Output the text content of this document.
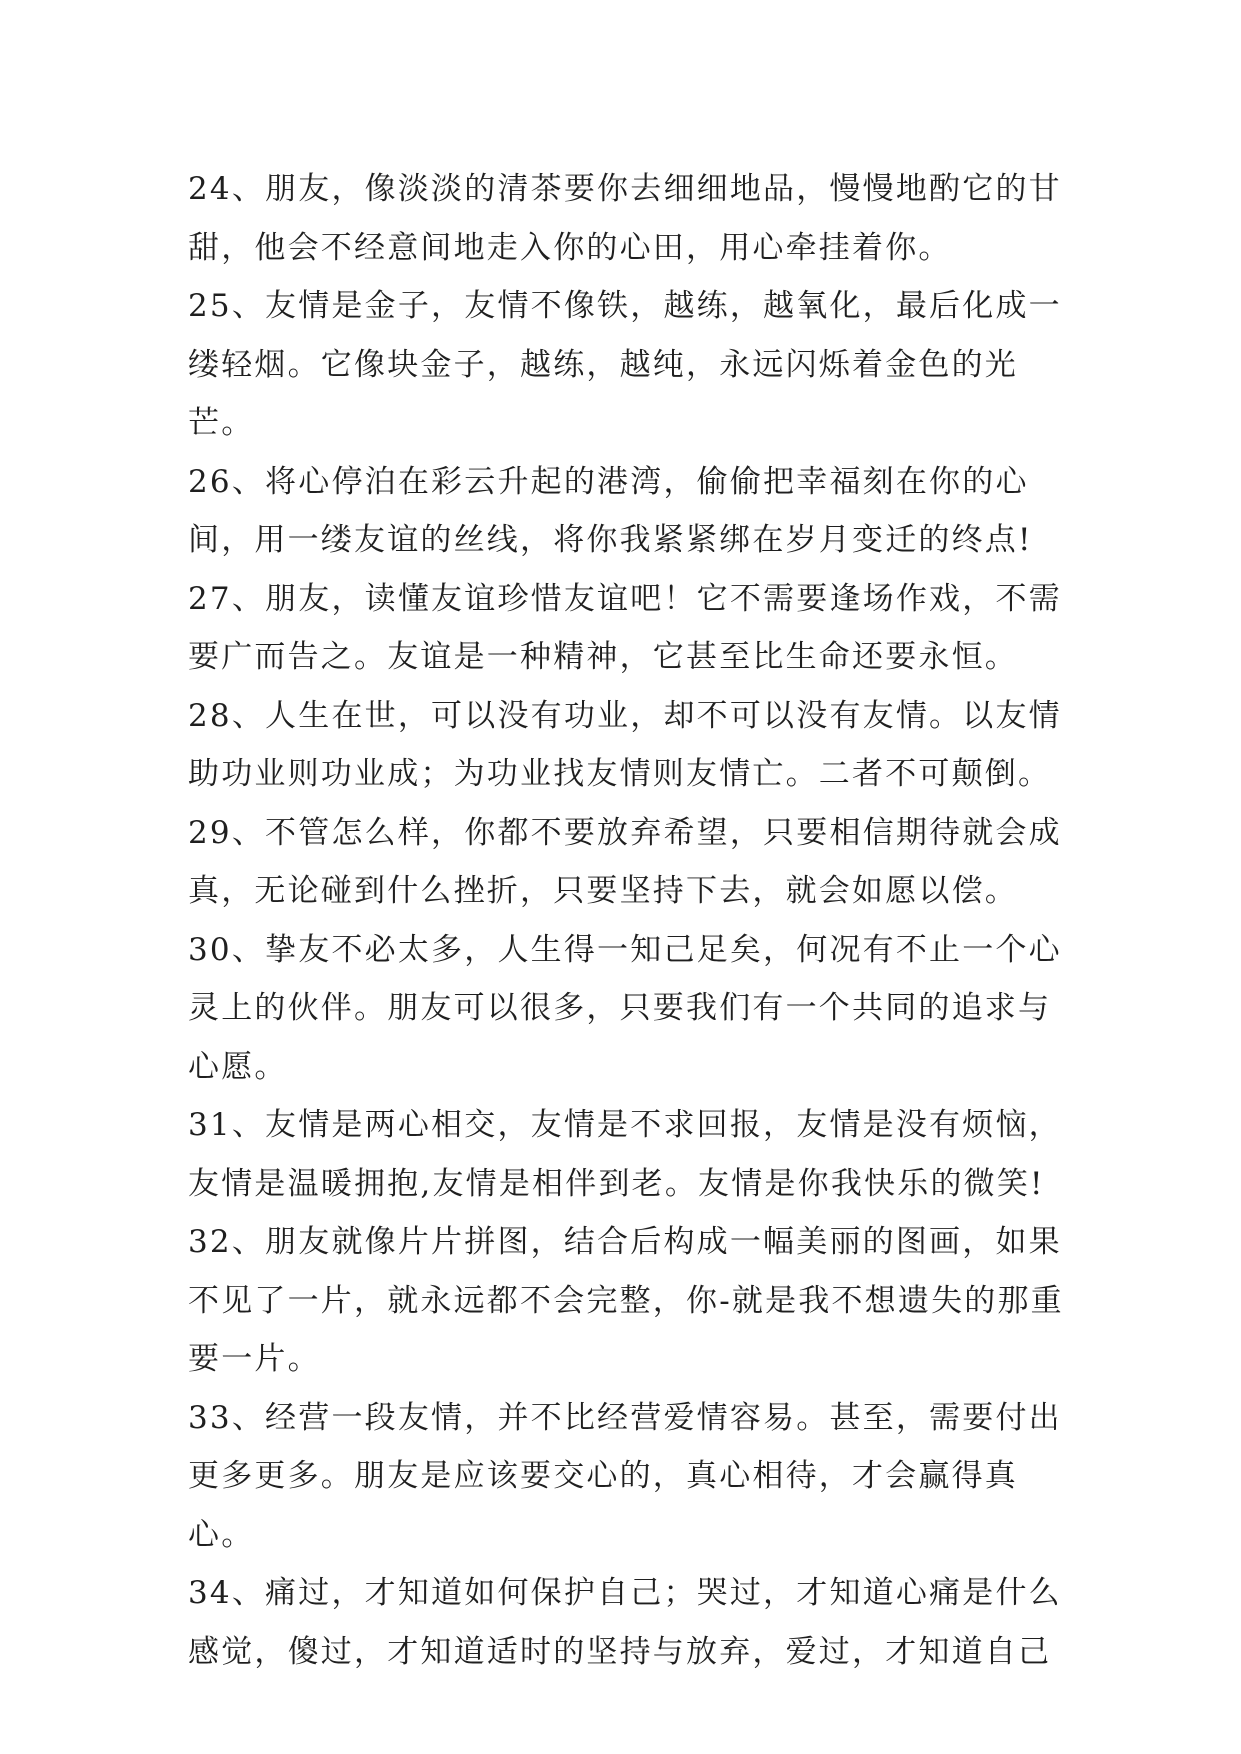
24、朋友，像淡淡的清茶要你去细细地品，慢慢地酌它的甘甜，他会不经意间地走入你的心田，用心牵挂着你。

25、友情是金子，友情不像铁，越练，越氧化，最后化成一缕轻烟。它像块金子，越练，越纯，永远闪烁着金色的光芒。

26、将心停泊在彩云升起的港湾，偷偷把幸福刻在你的心间，用一缕友谊的丝线，将你我紧紧绑在岁月变迁的终点!

27、朋友，读懂友谊珍惜友谊吧！它不需要逢场作戏，不需要广而告之。友谊是一种精神，它甚至比生命还要永恒。

28、人生在世，可以没有功业，却不可以没有友情。以友情助功业则功业成；为功业找友情则友情亡。二者不可颠倒。

29、不管怎么样，你都不要放弃希望，只要相信期待就会成真，无论碰到什么挫折，只要坚持下去，就会如愿以偿。

30、挚友不必太多，人生得一知己足矣，何况有不止一个心灵上的伙伴。朋友可以很多，只要我们有一个共同的追求与心愿。

31、友情是两心相交，友情是不求回报，友情是没有烦恼，友情是温暖拥抱,友情是相伴到老。友情是你我快乐的微笑!

32、朋友就像片片拼图，结合后构成一幅美丽的图画，如果不见了一片，就永远都不会完整，你-就是我不想遗失的那重要一片。

33、经营一段友情，并不比经营爱情容易。甚至，需要付出更多更多。朋友是应该要交心的，真心相待，才会赢得真心。

34、痛过，才知道如何保护自己；哭过，才知道心痛是什么感觉，傻过，才知道适时的坚持与放弃，爱过，才知道自己
